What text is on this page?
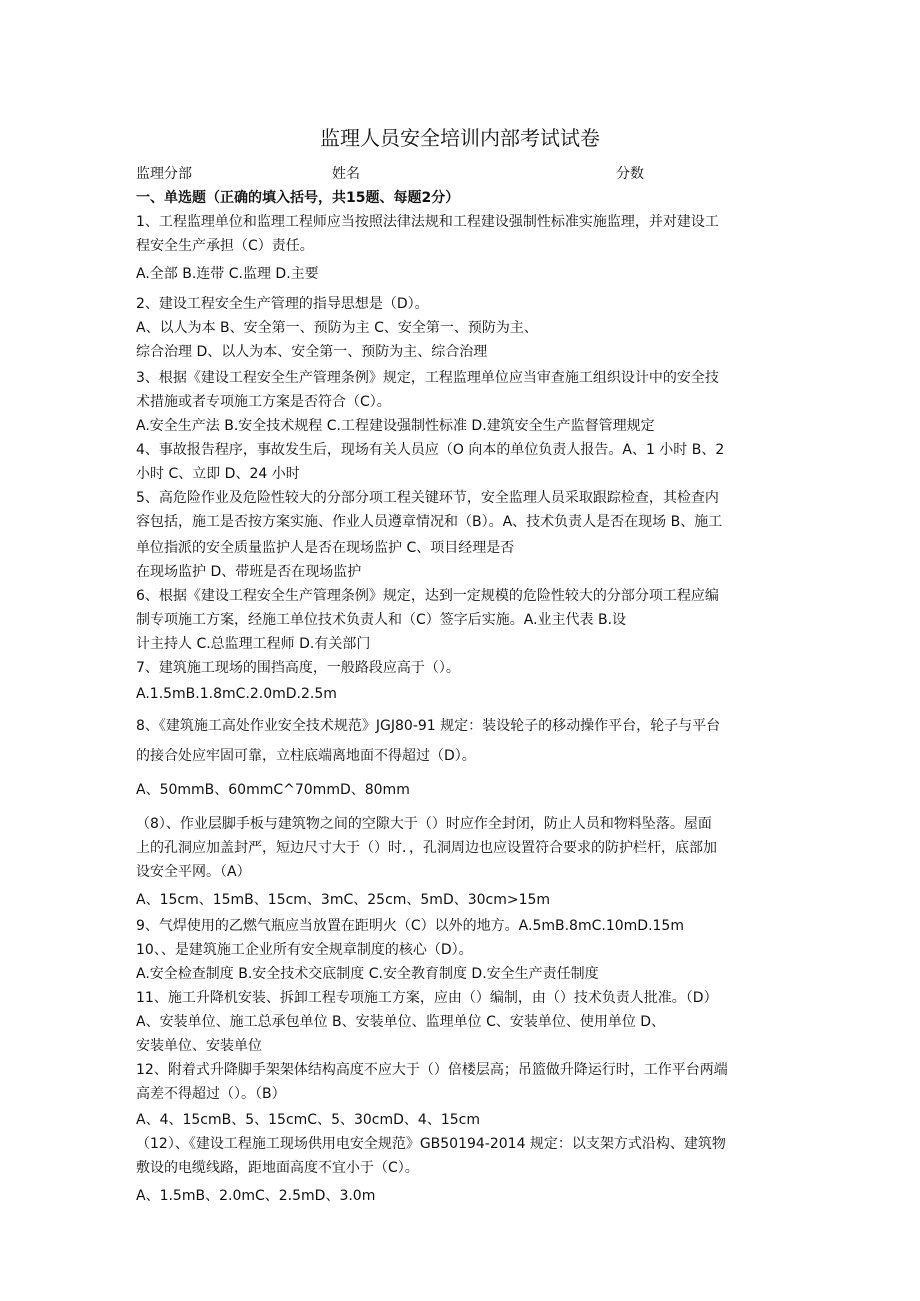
监理人员安全培训内部考试试卷
监理分部	姓名	分数
一、单选题（正确的填入括号，共15题、每题2分）
1、工程监理单位和监理工程师应当按照法律法规和工程建设强制性标准实施监理，并对建设工
程安全生产承担（C）责任。
A.全部 B.连带 C.监理 D.主要
2、建设工程安全生产管理的指导思想是（D）。
A、以人为本 B、安全第一、预防为主 C、安全第一、预防为主、
综合治理 D、以人为本、安全第一、预防为主、综合治理
3、根据《建设工程安全生产管理条例》规定，工程监理单位应当审查施工组织设计中的安全技
术措施或者专项施工方案是否符合（C）。
A.安全生产法 B.安全技术规程 C.工程建设强制性标准 D.建筑安全生产监督管理规定
4、事故报告程序，事故发生后，现场有关人员应（O 向本的单位负责人报告。A、1 小时 B、2
小时 C、立即 D、24 小时
5、高危险作业及危险性较大的分部分项工程关键环节，安全监理人员采取跟踪检查，其检查内
容包括，施工是否按方案实施、作业人员遵章情况和（B）。A、技术负责人是否在现场 B、施工
单位指派的安全质量监护人是否在现场监护 C、项目经理是否
在现场监护 D、带班是否在现场监护
6、根据《建设工程安全生产管理条例》规定，达到一定规模的危险性较大的分部分项工程应编
制专项施工方案，经施工单位技术负责人和（C）签字后实施。A.业主代表 B.设
计主持人 C.总监理工程师 D.有关部门
7、建筑施工现场的围挡高度，一般路段应高于（）。
A.1.5mB.1.8mC.2.0mD.2.5m
8、《建筑施工高处作业安全技术规范》JGJ80-91 规定：装设轮子的移动操作平台，轮子与平台
的接合处应牢固可靠，立柱底端离地面不得超过（D）。
A、50mmB、60mmC^70mmD、80mm
（8）、作业层脚手板与建筑物之间的空隙大于（）时应作全封闭，防止人员和物料坠落。屋面
上的孔洞应加盖封严，短边尺寸大于（）时．，孔洞周边也应设置符合要求的防护栏杆，底部加
设安全平网。（A）
A、15cm、15mB、15cm、3mC、25cm、5mD、30cm>15m
9、气焊使用的乙燃气瓶应当放置在距明火（C）以外的地方。A.5mB.8mC.10mD.15m
10、、是建筑施工企业所有安全规章制度的核心（D）。
A.安全检查制度 B.安全技术交底制度 C.安全教育制度 D.安全生产责任制度
11、施工升降机安装、拆卸工程专项施工方案，应由（）编制，由（）技术负责人批准。（D）
A、安装单位、施工总承包单位 B、安装单位、监理单位 C、安装单位、使用单位 D、
安装单位、安装单位
12、附着式升降脚手架架体结构高度不应大于（）倍楼层高；吊篮做升降运行时，工作平台两端
高差不得超过（）。（B）
A、4、15cmB、5、15cmC、5、30cmD、4、15cm
（12）、《建设工程施工现场供用电安全规范》GB50194-2014 规定：以支架方式沿构、建筑物
敷设的电缆线路，距地面高度不宜小于（C）。
A、1.5mB、2.0mC、2.5mD、3.0m
